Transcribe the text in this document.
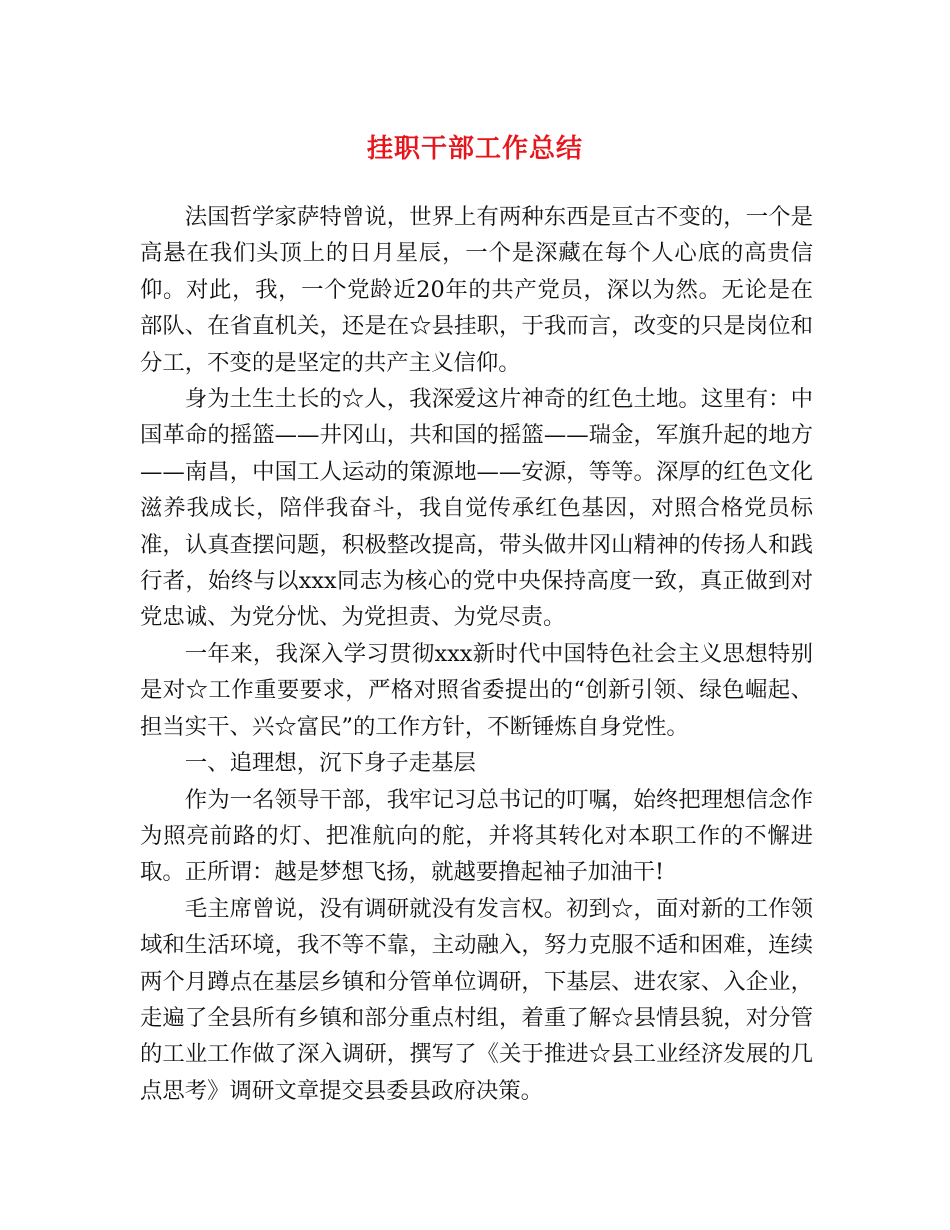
挂职干部工作总结

法国哲学家萨特曾说，世界上有两种东西是亘古不变的，一个是高悬在我们头顶上的日月星辰，一个是深藏在每个人心底的高贵信仰。对此，我，一个党龄近20年的共产党员，深以为然。无论是在部队、在省直机关，还是在☆县挂职，于我而言，改变的只是岗位和分工，不变的是坚定的共产主义信仰。

身为土生土长的☆人，我深爱这片神奇的红色土地。这里有：中国革命的摇篮——井冈山，共和国的摇篮——瑞金，军旗升起的地方——南昌，中国工人运动的策源地——安源，等等。深厚的红色文化滋养我成长，陪伴我奋斗，我自觉传承红色基因，对照合格党员标准，认真查摆问题，积极整改提高，带头做井冈山精神的传扬人和践行者，始终与以xxx同志为核心的党中央保持高度一致，真正做到对党忠诚、为党分忧、为党担责、为党尽责。

一年来，我深入学习贯彻xxx新时代中国特色社会主义思想特别是对☆工作重要要求，严格对照省委提出的“创新引领、绿色崛起、担当实干、兴☆富民”的工作方针，不断锤炼自身党性。

一、追理想，沉下身子走基层

作为一名领导干部，我牢记习总书记的叮嘱，始终把理想信念作为照亮前路的灯、把准航向的舵，并将其转化对本职工作的不懈进取。正所谓：越是梦想飞扬，就越要撸起袖子加油干!

毛主席曾说，没有调研就没有发言权。初到☆，面对新的工作领域和生活环境，我不等不靠，主动融入，努力克服不适和困难，连续两个月蹲点在基层乡镇和分管单位调研，下基层、进农家、入企业，走遍了全县所有乡镇和部分重点村组，着重了解☆县情县貌，对分管的工业工作做了深入调研，撰写了《关于推进☆县工业经济发展的几点思考》调研文章提交县委县政府决策。
